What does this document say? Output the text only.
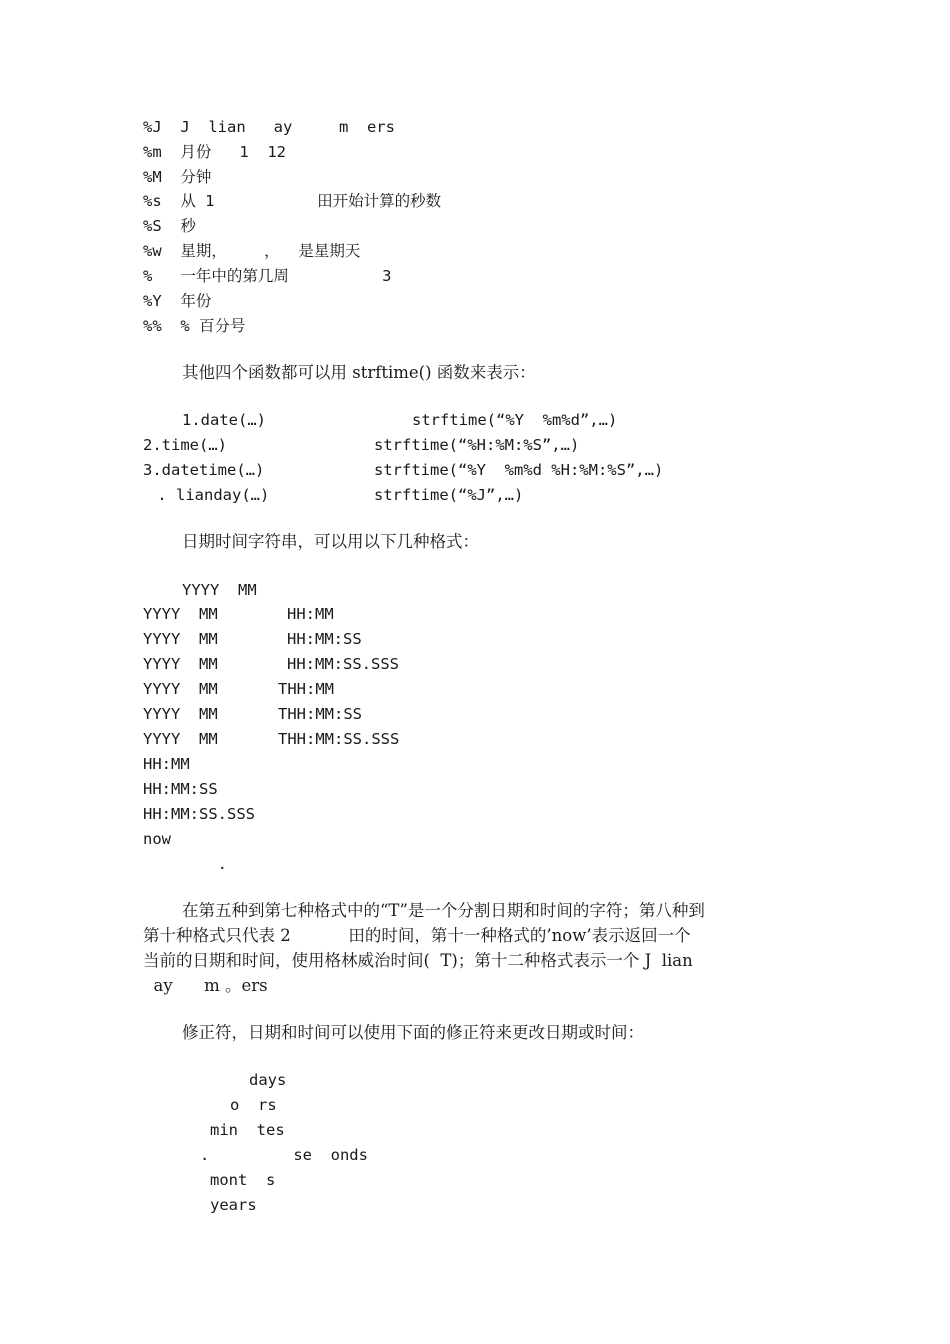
%J  J  lian   ay     m  ers
%m  月份   1  12
%M  分钟
%s  从 1           田开始计算的秒数
%S  秒
%w  星期，    ，  是星期天
%   一年中的第几周          3
%Y  年份
%%  % 百分号
其他四个函数都可以用 strftime() 函数来表示：
1.date(…)	strftime(“%Y  %m%d”,…)
2.time(…)	strftime(“%H:%M:%S”,…)
3.datetime(…)	strftime(“%Y  %m%d %H:%M:%S”,…)
. lianday(…)	strftime(“%J”,…)
日期时间字符串，可以用以下几种格式：
YYYY  MM
YYYY  MM	HH:MM
YYYY  MM	HH:MM:SS
YYYY  MM	HH:MM:SS.SSS
YYYY  MM	THH:MM
YYYY  MM	THH:MM:SS
YYYY  MM	THH:MM:SS.SSS
HH:MM
HH:MM:SS
HH:MM:SS.SSS
now
.
在第五种到第七种格式中的“T”是一个分割日期和时间的字符；第八种到
第十种格式只代表 2           田的时间，第十一种格式的’now’表示返回一个
当前的日期和时间，使用格林威治时间(  T)；第十二种格式表示一个 J  lian
ay      m 。ers
修正符，日期和时间可以使用下面的修正符来更改日期或时间：
days
o  rs
min  tes
.         se  onds
mont  s
years
